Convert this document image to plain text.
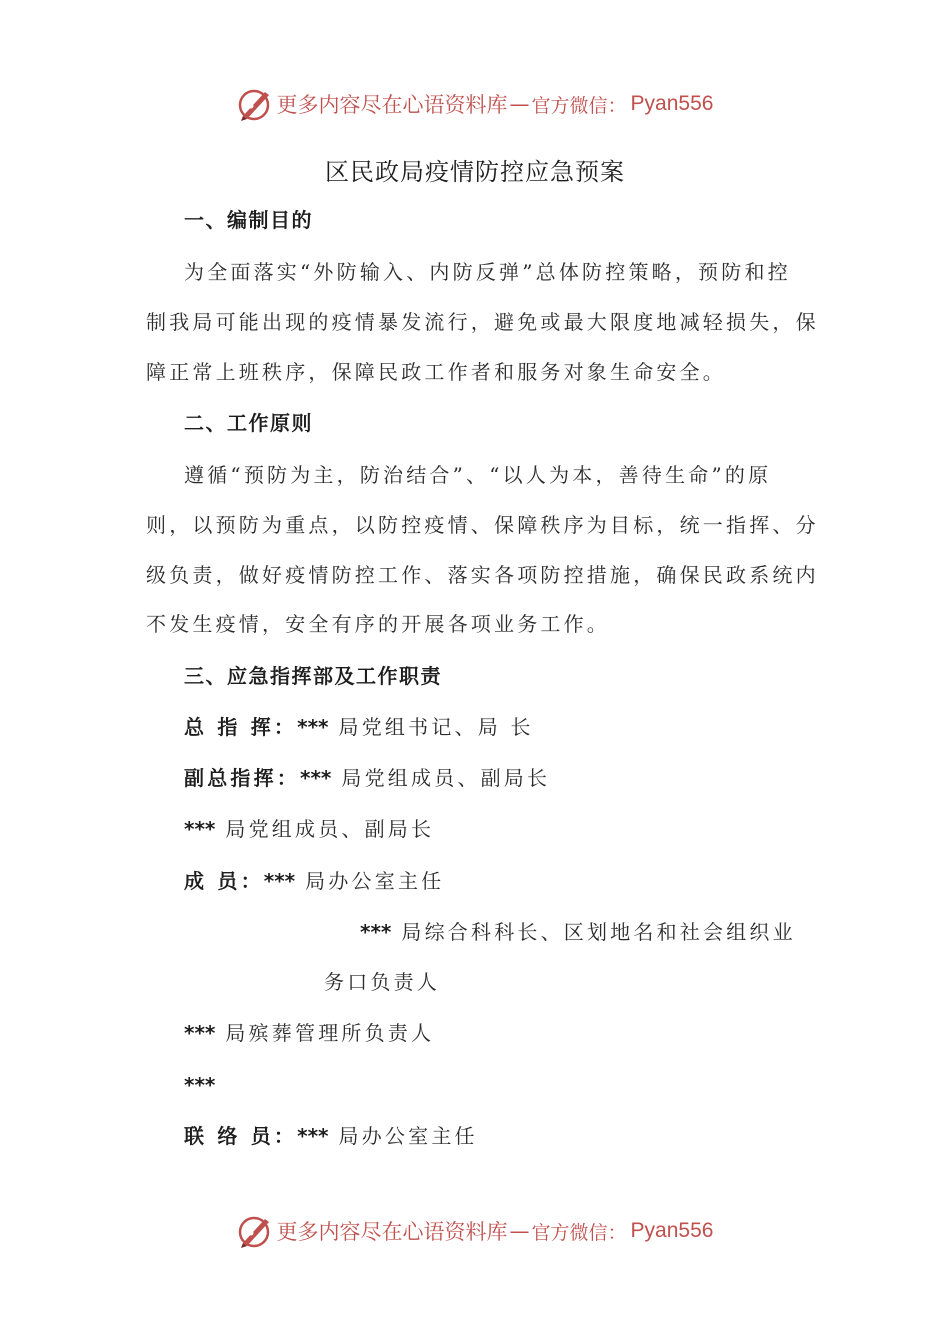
更多内容尽在心语资料库 — 官方微信： Pyan556
区民政局疫情防控应急预案
一、编制目的
为全面落实“外防输入、内防反弹”总体防控策略，预防和控
制我局可能出现的疫情暴发流行，避免或最大限度地减轻损失，保
障正常上班秩序，保障民政工作者和服务对象生命安全。
二、工作原则
遵循“预防为主，防治结合”、“以人为本，善待生命”的原
则，以预防为重点，以防控疫情、保障秩序为目标，统一指挥、分
级负责，做好疫情防控工作、落实各项防控措施，确保民政系统内
不发生疫情，安全有序的开展各项业务工作。
三、应急指挥部及工作职责
总 指 挥：*** 局党组书记、局 长
副总指挥：*** 局党组成员、副局长
*** 局党组成员、副局长
成 员：*** 局办公室主任
*** 局综合科科长、区划地名和社会组织业
务口负责人
*** 局殡葬管理所负责人
***
联 络 员：*** 局办公室主任
更多内容尽在心语资料库 — 官方微信： Pyan556
